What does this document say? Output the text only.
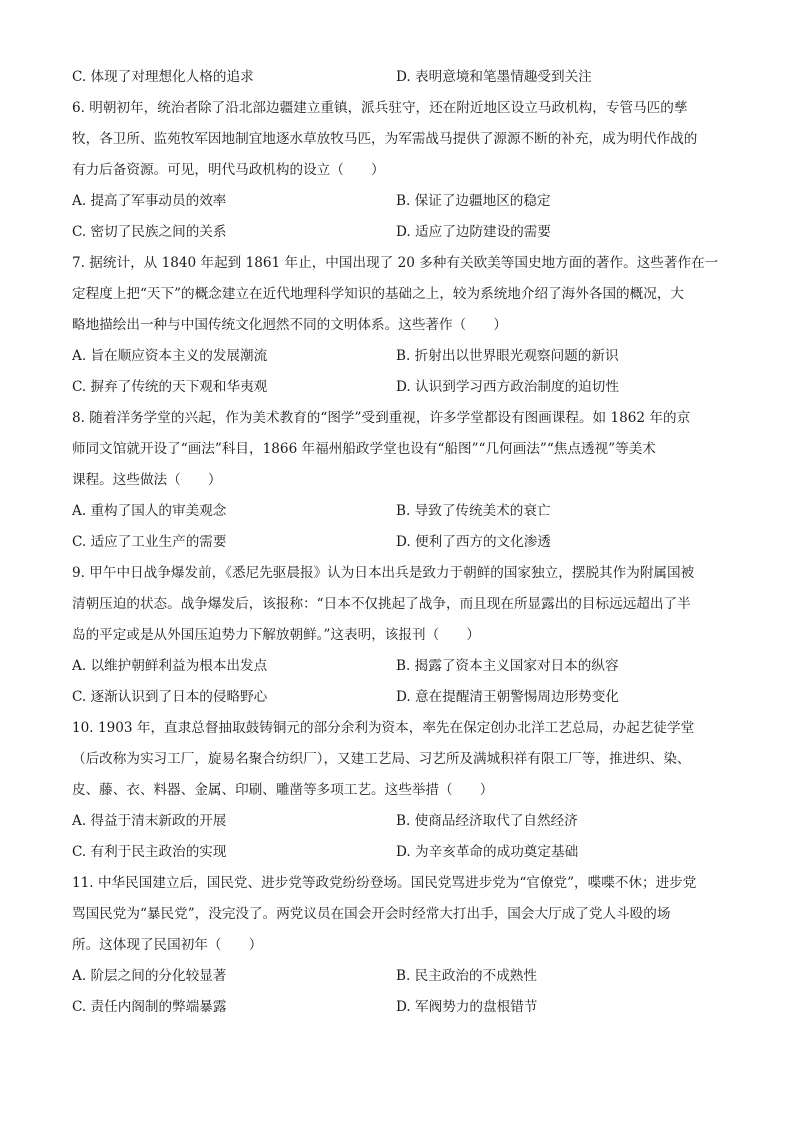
C. 体现了对理想化人格的追求	D. 表明意境和笔墨情趣受到关注
6. 明朝初年，统治者除了沿北部边疆建立重镇，派兵驻守，还在附近地区设立马政机构，专管马匹的孳
牧，各卫所、监苑牧军因地制宜地逐水草放牧马匹，为军需战马提供了源源不断的补充，成为明代作战的
有力后备资源。可见，明代马政机构的设立（　　）
A. 提高了军事动员的效率	B. 保证了边疆地区的稳定
C. 密切了民族之间的关系	D. 适应了边防建设的需要
7. 据统计，从 1840 年起到 1861 年止，中国出现了 20 多种有关欧美等国史地方面的著作。这些著作在一
定程度上把“天下”的概念建立在近代地理科学知识的基础之上，较为系统地介绍了海外各国的概况，大
略地描绘出一种与中国传统文化迥然不同的文明体系。这些著作（　　）
A. 旨在顺应资本主义的发展潮流	B. 折射出以世界眼光观察问题的新识
C. 摒弃了传统的天下观和华夷观	D. 认识到学习西方政治制度的迫切性
8. 随着洋务学堂的兴起，作为美术教育的“图学”受到重视，许多学堂都设有图画课程。如 1862 年的京
师同文馆就开设了“画法”科目，1866 年福州船政学堂也设有“船图”“几何画法”“焦点透视”等美术
课程。这些做法（　　）
A. 重构了国人的审美观念	B. 导致了传统美术的衰亡
C. 适应了工业生产的需要	D. 便利了西方的文化渗透
9. 甲午中日战争爆发前，《悉尼先驱晨报》认为日本出兵是致力于朝鲜的国家独立，摆脱其作为附属国被
清朝压迫的状态。战争爆发后，该报称：“日本不仅挑起了战争，而且现在所显露出的目标远远超出了半
岛的平定或是从外国压迫势力下解放朝鲜。”这表明，该报刊（　　）
A. 以维护朝鲜利益为根本出发点	B. 揭露了资本主义国家对日本的纵容
C. 逐渐认识到了日本的侵略野心	D. 意在提醒清王朝警惕周边形势变化
10. 1903 年，直隶总督抽取鼓铸铜元的部分余利为资本，率先在保定创办北洋工艺总局，办起艺徒学堂
（后改称为实习工厂，旋易名聚合纺织厂），又建工艺局、习艺所及满城积祥有限工厂等，推进织、染、
皮、藤、衣、料器、金属、印刷、雕凿等多项工艺。这些举措（　　）
A. 得益于清末新政的开展	B. 使商品经济取代了自然经济
C. 有利于民主政治的实现	D. 为辛亥革命的成功奠定基础
11. 中华民国建立后，国民党、进步党等政党纷纷登场。国民党骂进步党为“官僚党”，喋喋不休；进步党
骂国民党为“暴民党”，没完没了。两党议员在国会开会时经常大打出手，国会大厅成了党人斗殴的场
所。这体现了民国初年（　　）
A. 阶层之间的分化较显著	B. 民主政治的不成熟性
C. 责任内阁制的弊端暴露	D. 军阀势力的盘根错节
